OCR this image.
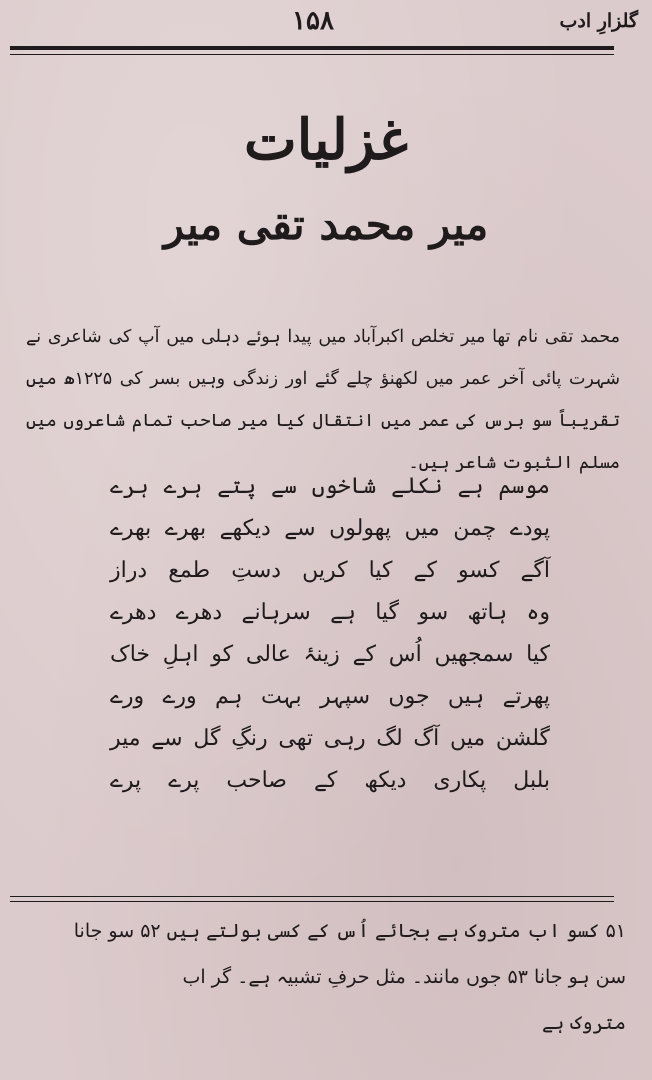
۱۵۸	گلزارِ ادب
غزلیات
میر محمد تقی میر
محمد تقی نام تھا میر تخلص اکبرآباد میں پیدا ہوئے دہلی میں آپ کی شاعری نے شہرت پائی آخر عمر میں لکھنؤ چلے گئے اور زندگی وہیں بسر کی ۱۲۲۵ھ میں تقریباً سو برس کی عمر میں انتقال کیا میر صاحب تمام شاعروں میں مسلم الثبوت شاعر ہیں۔
موسم ہے نکلے شاخوں سے پتے ہرے ہرے
پودے چمن میں پھولوں سے دیکھے بھرے بھرے
آگے کسو کے کیا کریں دستِ طمع دراز
وہ ہاتھ سو گیا ہے سرہانے دھرے دھرے
کیا سمجھیں اُس کے زینۂ عالی کو اہلِ خاک
پھرتے ہیں جوں سپہر بہت ہم ورے ورے
گلشن میں آگ لگ رہی تھی رنگِ گل سے میر
بلبل پکاری دیکھ کے صاحب پرے پرے
۵۱ کسو اب متروک ہے بجائے اُس کے کسی بولتے ہیں ۵۲ سو جانا
سن ہو جانا ۵۳ جوں مانند۔ مثل حرفِ تشبیہ ہے۔ گر اب
متروک ہے
